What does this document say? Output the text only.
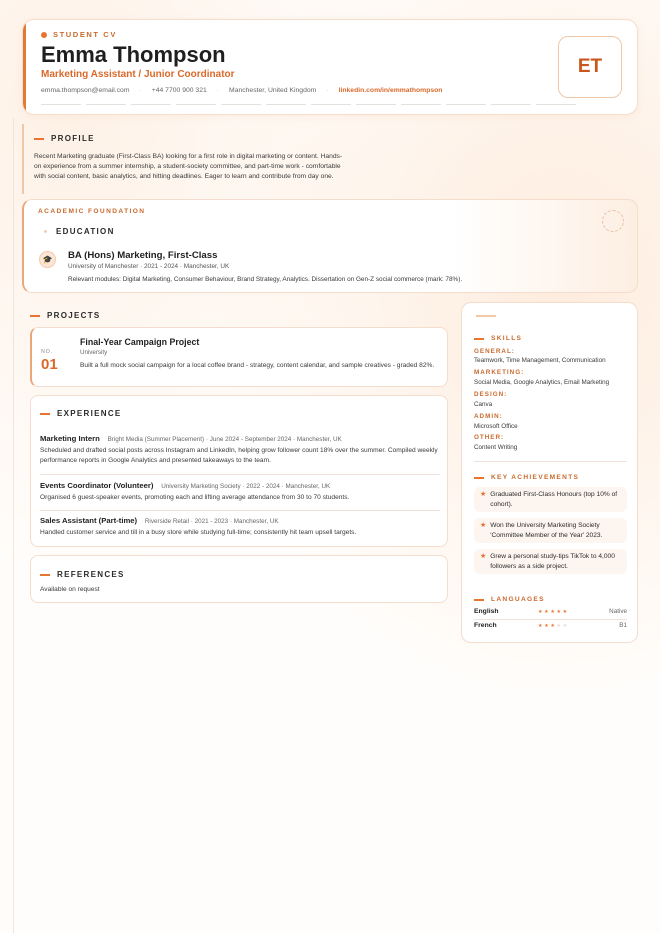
STUDENT CV
Emma Thompson
Marketing Assistant / Junior Coordinator
emma.thompson@email.com · +44 7700 900 321 · Manchester, United Kingdom · linkedin.com/in/emmathompson
ET
PROFILE
Recent Marketing graduate (First-Class BA) looking for a first role in digital marketing or content. Hands-on experience from a summer internship, a student-society committee, and part-time work - comfortable with social content, basic analytics, and hitting deadlines. Eager to learn and contribute from day one.
ACADEMIC FOUNDATION
EDUCATION
🎓	BA (Hons) Marketing, First-Class
University of Manchester · 2021 - 2024 · Manchester, UK
Relevant modules: Digital Marketing, Consumer Behaviour, Brand Strategy, Analytics. Dissertation on Gen-Z social commerce (mark: 78%).
PROJECTS
NO.
01
Final-Year Campaign Project
University
Built a full mock social campaign for a local coffee brand - strategy, content calendar, and sample creatives - graded 82%.
EXPERIENCE
Marketing Intern Bright Media (Summer Placement) · June 2024 - September 2024 · Manchester, UK
Scheduled and drafted social posts across Instagram and LinkedIn, helping grow follower count 18% over the summer. Compiled weekly performance reports in Google Analytics and presented takeaways to the team.
Events Coordinator (Volunteer) University Marketing Society · 2022 - 2024 · Manchester, UK
Organised 6 guest-speaker events, promoting each and lifting average attendance from 30 to 70 students.
Sales Assistant (Part-time) Riverside Retail · 2021 - 2023 · Manchester, UK
Handled customer service and till in a busy store while studying full-time; consistently hit team upsell targets.
REFERENCES
Available on request
SKILLS
GENERAL:
Teamwork, Time Management, Communication
MARKETING:
Social Media, Google Analytics, Email Marketing
DESIGN:
Canva
ADMIN:
Microsoft Office
OTHER:
Content Writing
KEY ACHIEVEMENTS
★ Graduated First-Class Honours (top 10% of cohort).
★ Won the University Marketing Society 'Committee Member of the Year' 2023.
★ Grew a personal study-tips TikTok to 4,000 followers as a side project.
LANGUAGES
English	★★★★★	Native
French	★★★★★	B1
